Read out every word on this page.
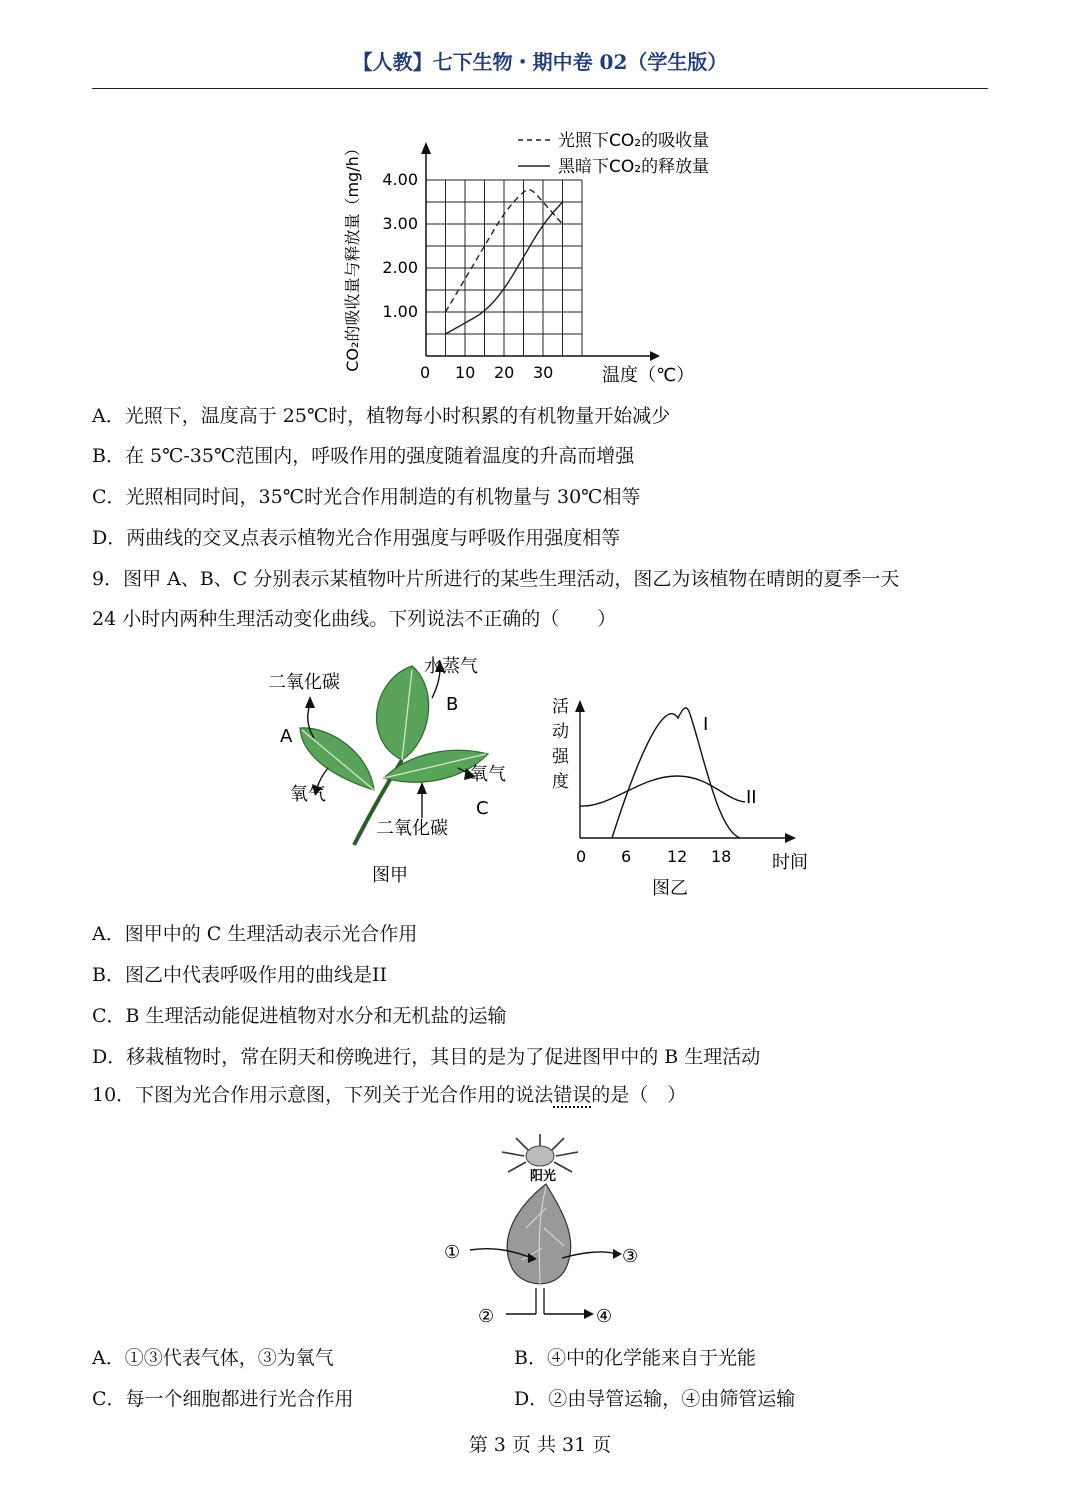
【人教】七下生物・期中卷 02（学生版）
0 10 20 30
1.00
2.00
3.00
4.00
CO₂的吸收量与释放量（mg/h）
温度（℃）
光照下CO₂的吸收量
黑暗下CO₂的释放量
A．光照下，温度高于 25℃时，植物每小时积累的有机物量开始减少
B．在 5℃-35℃范围内，呼吸作用的强度随着温度的升高而增强
C．光照相同时间，35℃时光合作用制造的有机物量与 30℃相等
D．两曲线的交叉点表示植物光合作用强度与呼吸作用强度相等
9．图甲 A、B、C 分别表示某植物叶片所进行的某些生理活动，图乙为该植物在晴朗的夏季一天
24 小时内两种生理活动变化曲线。下列说法不正确的（　　）
二氧化碳
水蒸气
A
B
C
氧气
氧气
二氧化碳
图甲
I
II
活
动
强
度
0 6 12 18 时间
图乙
A．图甲中的 C 生理活动表示光合作用
B．图乙中代表呼吸作用的曲线是II
C．B 生理活动能促进植物对水分和无机盐的运输
D．移栽植物时，常在阴天和傍晚进行，其目的是为了促进图甲中的 B 生理活动
10．下图为光合作用示意图，下列关于光合作用的说法错误的是（　）
阳光
①	③
②	④
A．①③代表气体，③为氧气	B．④中的化学能来自于光能
C．每一个细胞都进行光合作用	D．②由导管运输，④由筛管运输
第 3 页 共 31 页
